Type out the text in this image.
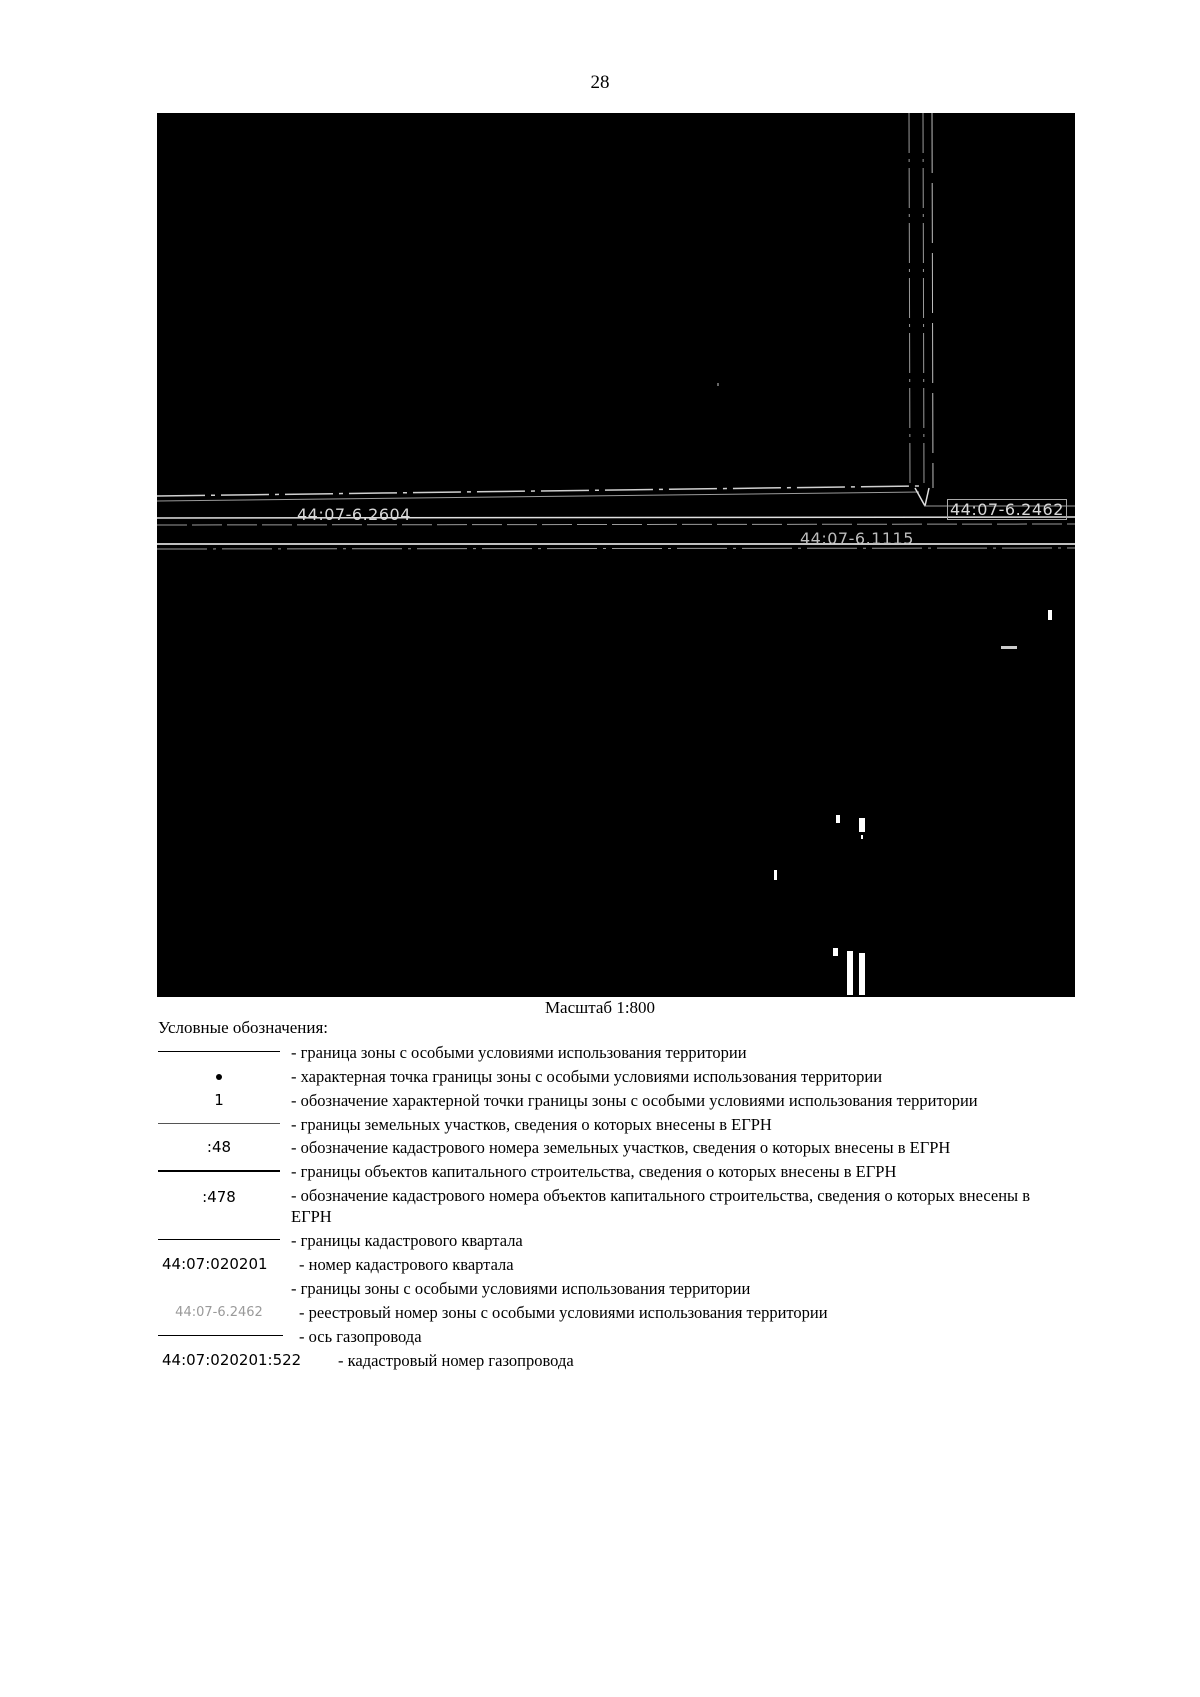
28
44:07-6.2604	44:07-6.2462
44:07-6.1115
Масштаб 1:800
Условные обозначения:
- граница зоны с особыми условиями использования территории
- характерная точка границы зоны с особыми условиями использования территории
1	- обозначение характерной точки границы зоны с особыми условиями использования территории
- границы земельных участков, сведения о которых внесены в ЕГРН
:48	- обозначение кадастрового номера земельных участков, сведения о которых внесены в ЕГРН
- границы объектов капитального строительства, сведения о которых внесены в ЕГРН
:478	- обозначение кадастрового номера объектов капитального строительства, сведения о которых внесены в ЕГРН
- границы кадастрового квартала
44:07:020201 - номер кадастрового квартала
- границы зоны с особыми условиями использования территории
44:07-6.2462	- реестровый номер зоны с особыми условиями использования территории
- ось газопровода
44:07:020201:522 - кадастровый номер газопровода
